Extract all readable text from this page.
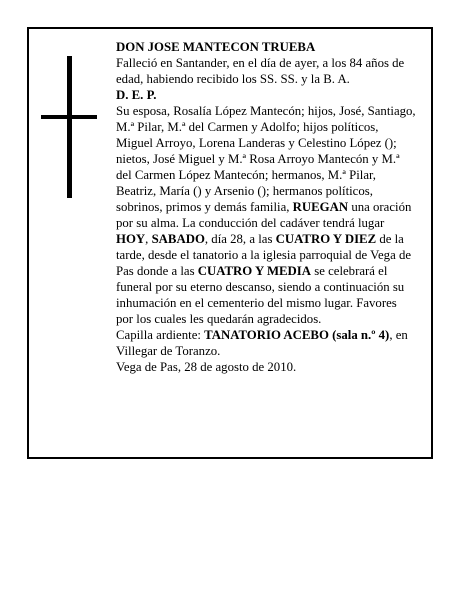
DON JOSE MANTECON TRUEBA

Falleció en Santander, en el día de ayer, a los 84 años de edad, habiendo recibido los SS. SS. y la B. A.

D. E. P.

Su esposa, Rosalía López Mantecón; hijos, José, Santiago, M.ª Pilar, M.ª del Carmen y Adolfo; hijos políticos, Miguel Arroyo, Lorena Landeras y Celestino López (); nietos, José Miguel y M.ª Rosa Arroyo Mantecón y M.ª del Carmen López Mantecón; hermanos, M.ª Pilar, Beatriz, María () y Arsenio (); hermanos políticos, sobrinos, primos y demás familia, RUEGAN una oración por su alma. La conducción del cadáver tendrá lugar HOY, SABADO, día 28, a las CUATRO Y DIEZ de la tarde, desde el tanatorio a la iglesia parroquial de Vega de Pas donde a las CUATRO Y MEDIA se celebrará el funeral por su eterno descanso, siendo a continuación su inhumación en el cementerio del mismo lugar. Favores por los cuales les quedarán agradecidos.

Capilla ardiente: TANATORIO ACEBO (sala n.º 4), en Villegar de Toranzo.

Vega de Pas, 28 de agosto de 2010.
